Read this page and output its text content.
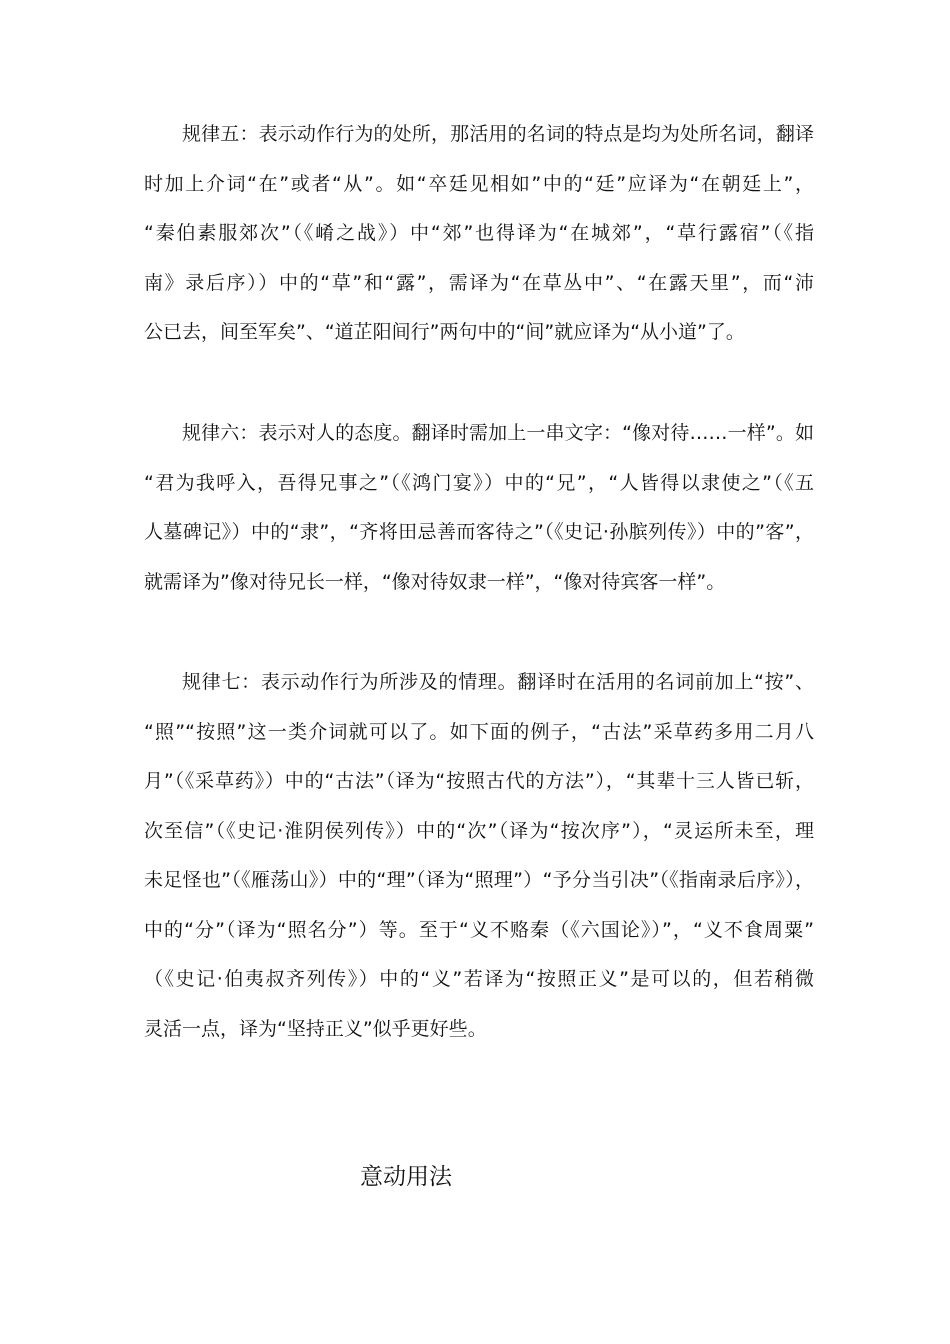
规律五：表示动作行为的处所，那活用的名词的特点是均为处所名词，翻译
时加上介词“在”或者“从”。如“卒廷见相如”中的“廷”应译为“在朝廷上”，
“秦伯素服郊次”（《崤之战》）中“郊”也得译为“在城郊”，“草行露宿”（《指
南》录后序））中的“草”和“露”，需译为“在草丛中”、“在露天里”，而“沛
公已去，间至军矣”、“道芷阳间行”两句中的“间”就应译为“从小道”了。
规律六：表示对人的态度。翻译时需加上一串文字：“像对待……一样”。如
“君为我呼入，吾得兄事之”（《鸿门宴》）中的“兄”，“人皆得以隶使之”（《五
人墓碑记》）中的“隶”，“齐将田忌善而客待之”（《史记·孙膑列传》）中的”客”，
就需译为”像对待兄长一样，“像对待奴隶一样”，“像对待宾客一样”。
规律七：表示动作行为所涉及的情理。翻译时在活用的名词前加上“按”、
“照”“按照”这一类介词就可以了。如下面的例子，“古法”采草药多用二月八
月”（《采草药》）中的“古法”（译为“按照古代的方法”），“其辈十三人皆已斩，
次至信”（《史记·淮阴侯列传》）中的“次”（译为“按次序”），“灵运所未至，理
未足怪也”（《雁荡山》）中的“理”（译为“照理”）“予分当引决”（《指南录后序》），
中的“分”（译为“照名分”）等。至于“义不赂秦（《六国论》）”，“义不食周粟”
（《史记·伯夷叔齐列传》）中的“义”若译为“按照正义”是可以的，但若稍微
灵活一点，译为“坚持正义”似乎更好些。
意动用法
